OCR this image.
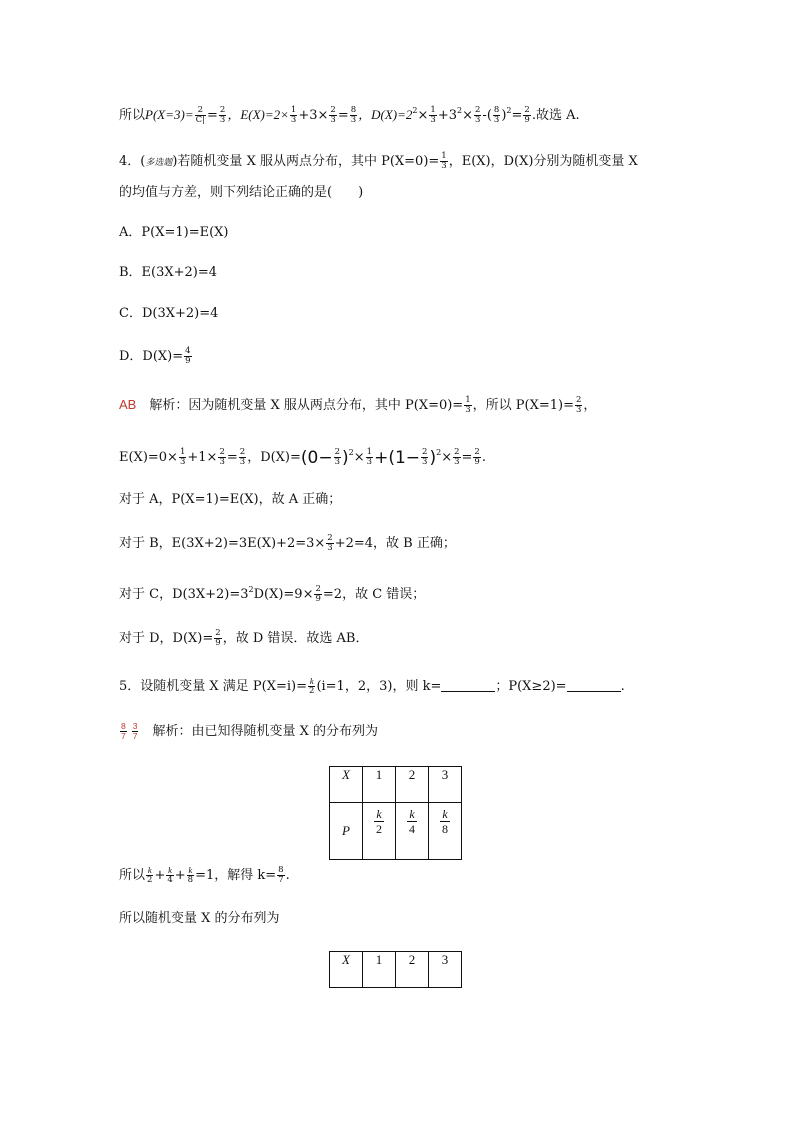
所以$P(X=3)= \frac{2}{C|} = \frac{2}{3}$ ，$E(X)=2\times \frac{1}{3} +3\times \frac{2}{3} = \frac{8}{3}$ ，$D(X)=2^2\times \frac{1}{3} +3^2\times \frac{2}{3}$ -( $\frac{8}{3} )^2= \frac{2}{9}$ .故选 A.
4．(多选题)若随机变量 X 服从两点分布，其中 $P(X=0)= \frac{1}{3}$ ，E(X)，D(X)分别为随机变量 X
的均值与方差，则下列结论正确的是(　　)
A．P(X=1)=E(X)
B．E(3X+2)=4
C．D(3X+2)=4
D．$D(X)= \frac{4}{9}$
AB　解析：因为随机变量 X 服从两点分布，其中 $P(X=0)= \frac{1}{3}$ ，所以 $P(X=1)= \frac{2}{3}$ ，
$E(X)=0\times \frac{1}{3} +1\times \frac{2}{3} = \frac{2}{3}$ ，$D(X)=(0- \frac{2}{3} )^2\times \frac{1}{3} +(1- \frac{2}{3} )^2\times \frac{2}{3} = \frac{2}{9}$ .
对于 A，P(X=1)=E(X)，故 A 正确；
对于 B，$E(3X+2)=3E(X)+2=3\times \frac{2}{3} +2=4$，故 B 正确；
对于 C，$D(3X+2)=3^2D(X)=9\times \frac{2}{9} =2$，故 C 错误；
对于 D，$D(X)= \frac{2}{9}$ ，故 D 错误．故选 AB．
5．设随机变量 X 满足 $P(X=i)= \frac{k}{2} (i=1$，2，3)，则 k=	；P(X≥2)=	.
$\frac{8}{7} \frac{3}{7}$ 　解析：由已知得随机变量 X 的分布列为
X	1	2	3
P	$\frac{k}{2}$	$\frac{k}{4}$	$\frac{k}{8}$
所以 $\frac{k}{2} + \frac{k}{4} + \frac{k}{8} =1$，解得 $k= \frac{8}{7}$ .
所以随机变量 X 的分布列为
X	1	2	3
